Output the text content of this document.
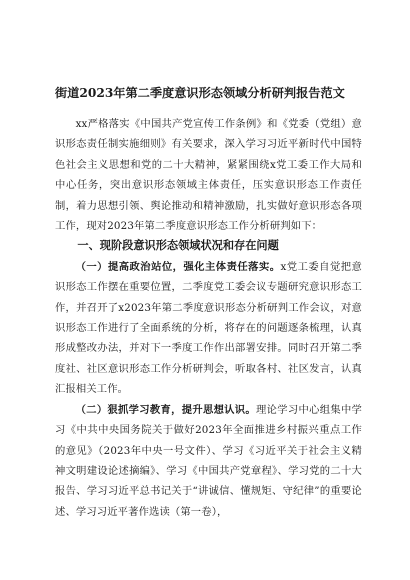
街道2023年第二季度意识形态领域分析研判报告范文

xx严格落实《中国共产党宣传工作条例》和《党委（党组）意识形态责任制实施细则》有关要求，深入学习习近平新时代中国特色社会主义思想和党的二十大精神，紧紧围绕x党工委工作大局和中心任务，突出意识形态领域主体责任，压实意识形态工作责任制，着力思想引领、舆论推动和精神激励，扎实做好意识形态各项工作，现对2023年第二季度意识形态工作分析研判如下：

一、现阶段意识形态领域状况和存在问题

（一）提高政治站位，强化主体责任落实。x党工委自觉把意识形态工作摆在重要位置，二季度党工委会议专题研究意识形态工作，并召开了x2023年第二季度意识形态分析研判工作会议，对意识形态工作进行了全面系统的分析，将存在的问题逐条梳理，认真形成整改办法，并对下一季度工作作出部署安排。同时召开第二季度社、社区意识形态工作分析研判会，听取各村、社区发言，认真汇报相关工作。

（二）狠抓学习教育，提升思想认识。理论学习中心组集中学习《中共中央国务院关于做好2023年全面推进乡村振兴重点工作的意见》（2023年中央一号文件）、学习《习近平关于社会主义精神文明建设论述摘编》、学习《中国共产党章程》、学习党的二十大报告、学习习近平总书记关于“讲诚信、懂规矩、守纪律”的重要论述、学习习近平著作选读（第一卷），
